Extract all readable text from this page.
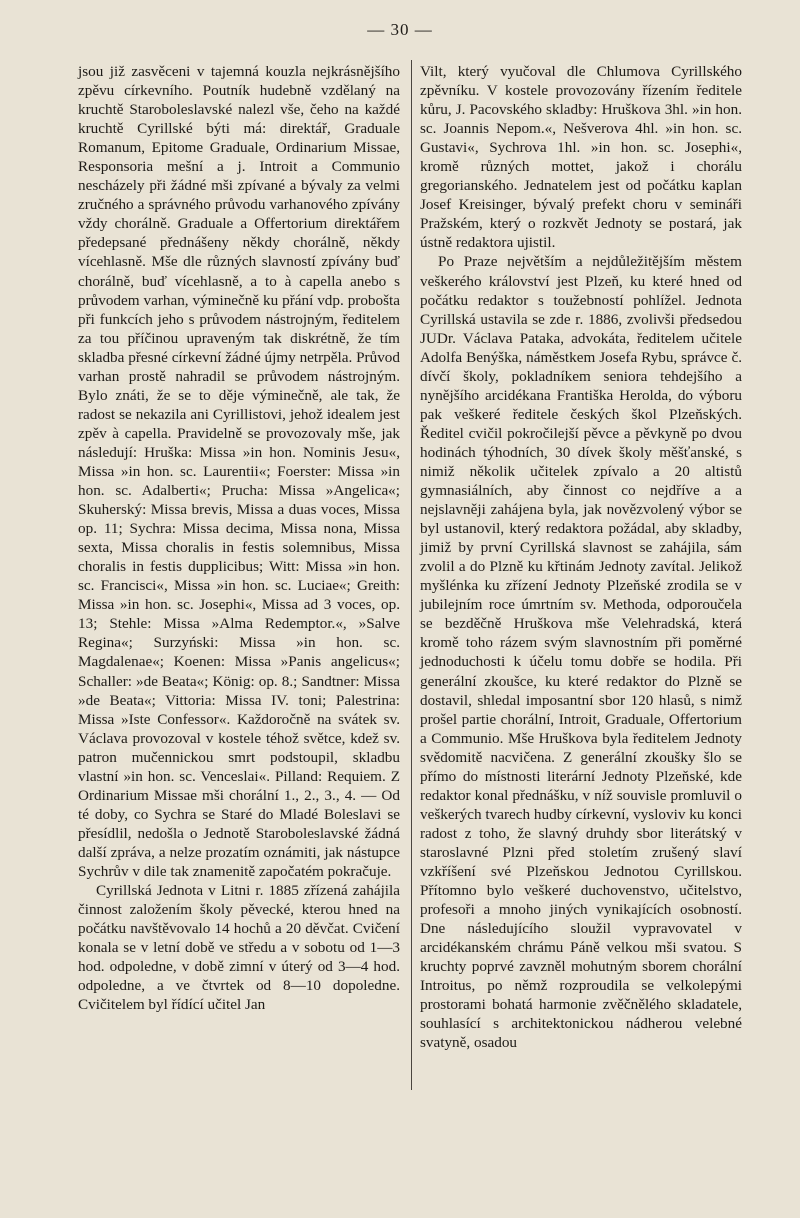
— 30 —

jsou již zasvěceni v tajemná kouzla nejkrásnějšího zpěvu církevního. Poutník hudebně vzdělaný na kruchtě Staroboleslavské nalezl vše, čeho na každé kruchtě Cyrillské býti má: direktář, Graduale Romanum, Epitome Graduale, Ordinarium Missae, Responsoria mešní a j. Introit a Communio nescházely při žádné mši zpívané a bývaly za velmi zručného a správného průvodu varhanového zpívány vždy chorálně. Graduale a Offertorium direktářem předepsané přednášeny někdy chorálně, někdy vícehlasně. Mše dle různých slavností zpívány buď chorálně, buď vícehlasně, a to à capella anebo s průvodem varhan, výminečně ku přání vdp. probošta při funkcích jeho s průvodem nástrojným, ředitelem za tou příčinou upraveným tak diskrétně, že tím skladba přesné církevní žádné újmy netrpěla. Průvod varhan prostě nahradil se průvodem nástrojným. Bylo znáti, že se to děje výminečně, ale tak, že radost se nekazila ani Cyrillistovi, jehož idealem jest zpěv à capella. Pravidelně se provozovaly mše, jak následují: Hruška: Missa »in hon. Nominis Jesu«, Missa »in hon. sc. Laurentii«; Foerster: Missa »in hon. sc. Adalberti«; Prucha: Missa »Angelica«; Skuherský: Missa brevis, Missa a duas voces, Missa op. 11; Sychra: Missa decima, Missa nona, Missa sexta, Missa choralis in festis solemnibus, Missa choralis in festis dupplicibus; Witt: Missa »in hon. sc. Francisci«, Missa »in hon. sc. Luciae«; Greith: Missa »in hon. sc. Josephi«, Missa ad 3 voces, op. 13; Stehle: Missa »Alma Redemptor.«, »Salve Regina«; Surzyński: Missa »in hon. sc. Magdalenae«; Koenen: Missa »Panis angelicus«; Schaller: »de Beata«; König: op. 8.; Sandtner: Missa »de Beata«; Vittoria: Missa IV. toni; Palestrina: Missa »Iste Confessor«. Každoročně na svátek sv. Václava provozoval v kostele téhož světce, kdež sv. patron mučennickou smrt podstoupil, skladbu vlastní »in hon. sc. Venceslai«. Pilland: Requiem. Z Ordinarium Missae mši chorální 1., 2., 3., 4. — Od té doby, co Sychra se Staré do Mladé Boleslavi se přesídlil, nedošla o Jednotě Staroboleslavské žádná další zpráva, a nelze prozatím oznámiti, jak nástupce Sychrův v dile tak znamenitě započatém pokračuje.

Cyrillská Jednota v Litni r. 1885 zřízená zahájila činnost založením školy pěvecké, kterou hned na počátku navštěvovalo 14 hochů a 20 děvčat. Cvičení konala se v letní době ve středu a v sobotu od 1—3 hod. odpoledne, v době zimní v úterý od 3—4 hod. odpoledne, a ve čtvrtek od 8—10 dopoledne. Cvičitelem byl řídící učitel Jan

Vilt, který vyučoval dle Chlumova Cyrillského zpěvníku. V kostele provozovány řízеním ředitele kůru, J. Pacovského skladby: Hruškova 3hl. »in hon. sc. Joannis Nepom.«, Nešverova 4hl. »in hon. sc. Gustavi«, Sychrova 1hl. »in hon. sc. Josephi«, kromě různých mottet, jakož i chorálu gregorianského. Jednatelem jest od počátku kaplan Josef Kreisinger, bývalý prefekt choru v semináři Pražském, který o rozkvět Jednoty se postará, jak ústně redaktora ujistil.

Po Praze největším a nejdůležitějším městem veškerého království jest Plzeň, ku které hned od počátku redaktor s toužebností pohlížel. Jednota Cyrillská ustavila se zde r. 1886, zvolivši předsedou JUDr. Václava Pataka, advokáta, ředitelem učitele Adolfa Benýška, náměstkem Josefa Rybu, správce č. dívčí školy, pokladníkem seniora tehdejšího a nynějšího arcidékana Františka Herolda, do výboru pak veškeré ředitele českých škol Plzeňských. Ředitel cvičil pokročilejší pěvce a pěvkyně po dvou hodinách týhodních, 30 dívek školy měšťanské, s nimiž několik učitelek zpívalo a 20 altistů gymnasiálních, aby činnost co nejdříve a a nejslavněji zahájena byla, jak novězvolený výbor se byl ustanovil, který redaktora požádal, aby skladby, jimiž by první Cyrillská slavnost se zahájila, sám zvolil a do Plzně ku křtinám Jednoty zavítal. Jelikož myšlénka ku zřízení Jednoty Plzeňské zrodila se v jubilejním roce úmrtním sv. Methoda, odporoučela se bezděčně Hruškova mše Velehradská, která kromě toho rázem svým slavnostním při poměrné jednoduchosti k účelu tomu dobře se hodila. Při generální zkoušce, ku které redaktor do Plzně se dostavil, shledal imposantní sbor 120 hlasů, s nimž prošel partie chorální, Introit, Graduale, Offertorium a Communio. Mše Hruškova byla ředitelem Jednoty svědomitě nacvičena. Z generální zkoušky šlo se přímo do místnosti literární Jednoty Plzeňské, kde redaktor konal přednášku, v níž souvisle promluvil o veškerých tvarech hudby církevní, vysloviv ku konci radost z toho, že slavný druhdy sbor literátský v staroslavné Plzni před stoletím zrušený slaví vzkříšení své Plzeňskou Jednotou Cyrillskou. Přítomno bylo veškeré duchovenstvo, učitelstvo, profesoři a mnoho jiných vynikajících osobností. Dne následujícího sloužil vypravovatel v arcidékanském chrámu Páně velkou mši svatou. S kruchty poprvé zavzněl mohutným sborem chorální Introitus, po němž rozproudila se velkolepými prostorami bohatá harmonie zvěčnělého skladatele, souhlasící s architektonickou nádherou velebné svatyně, osadou
